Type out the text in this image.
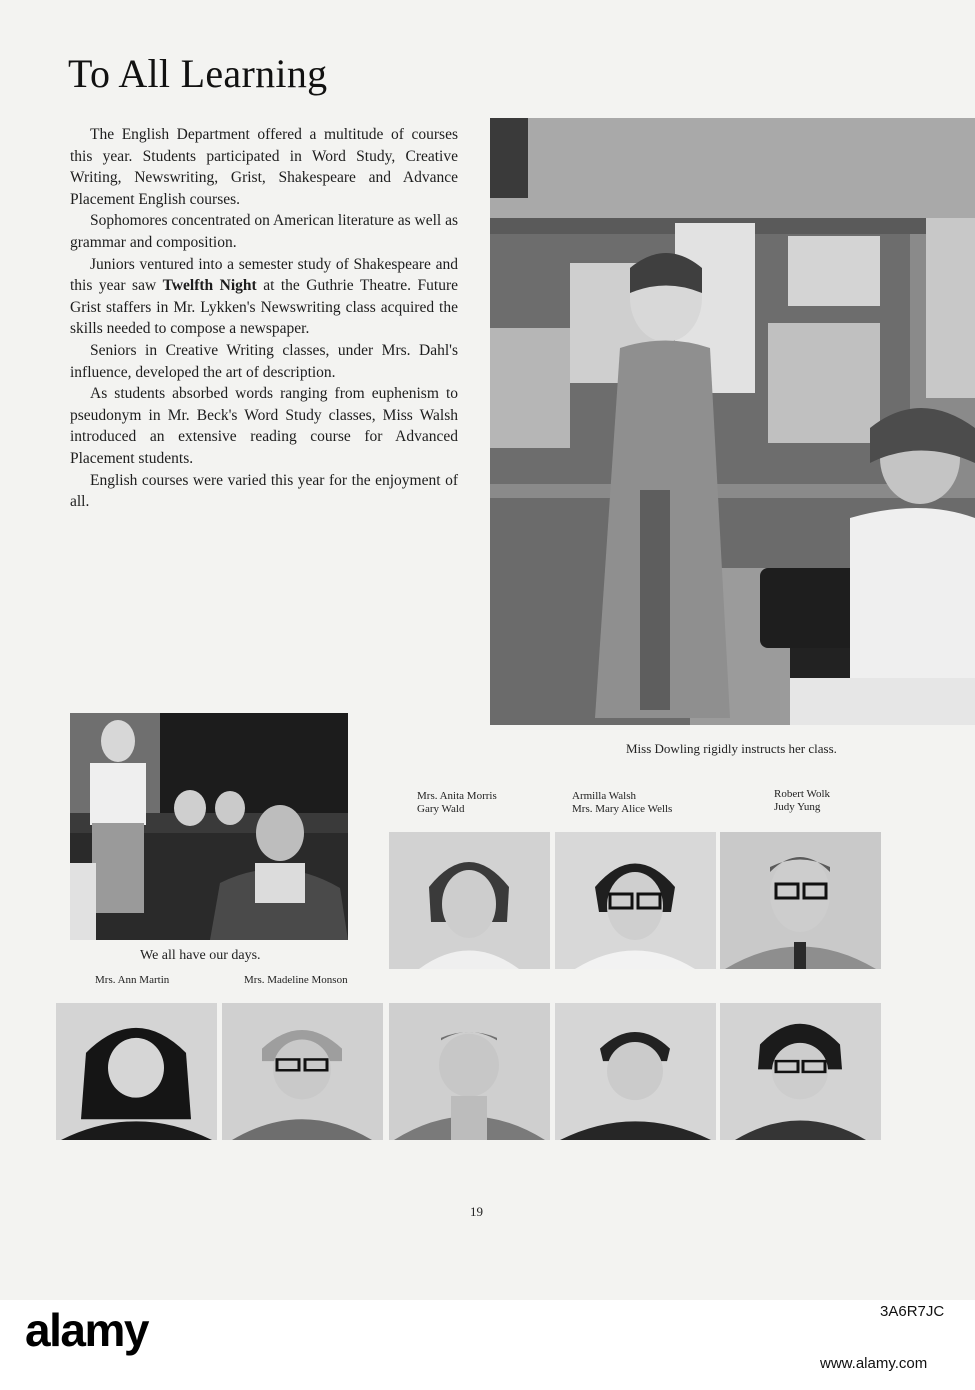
To All Learning

The English Department offered a multitude of courses this year. Students participated in Word Study, Creative Writing, Newswriting, Grist, Shakespeare and Advance Placement English courses.

Sophomores concentrated on American literature as well as grammar and composition.

Juniors ventured into a semester study of Shakespeare and this year saw Twelfth Night at the Guthrie Theatre. Future Grist staffers in Mr. Lykken's Newswriting class acquired the skills needed to compose a newspaper.

Seniors in Creative Writing classes, under Mrs. Dahl's influence, developed the art of description.

As students absorbed words ranging from euphenism to pseudonym in Mr. Beck's Word Study classes, Miss Walsh introduced an extensive reading course for Advanced Placement students.

English courses were varied this year for the enjoyment of all.

Miss Dowling rigidly instructs her class.
We all have our days.
Mrs. Anita Morris
Gary Wald
Armilla Walsh
Mrs. Mary Alice Wells
Robert Wolk
Judy Yung
Mrs. Ann Martin	Mrs. Madeline Monson
19
alamy	3A6R7JC
www.alamy.com
